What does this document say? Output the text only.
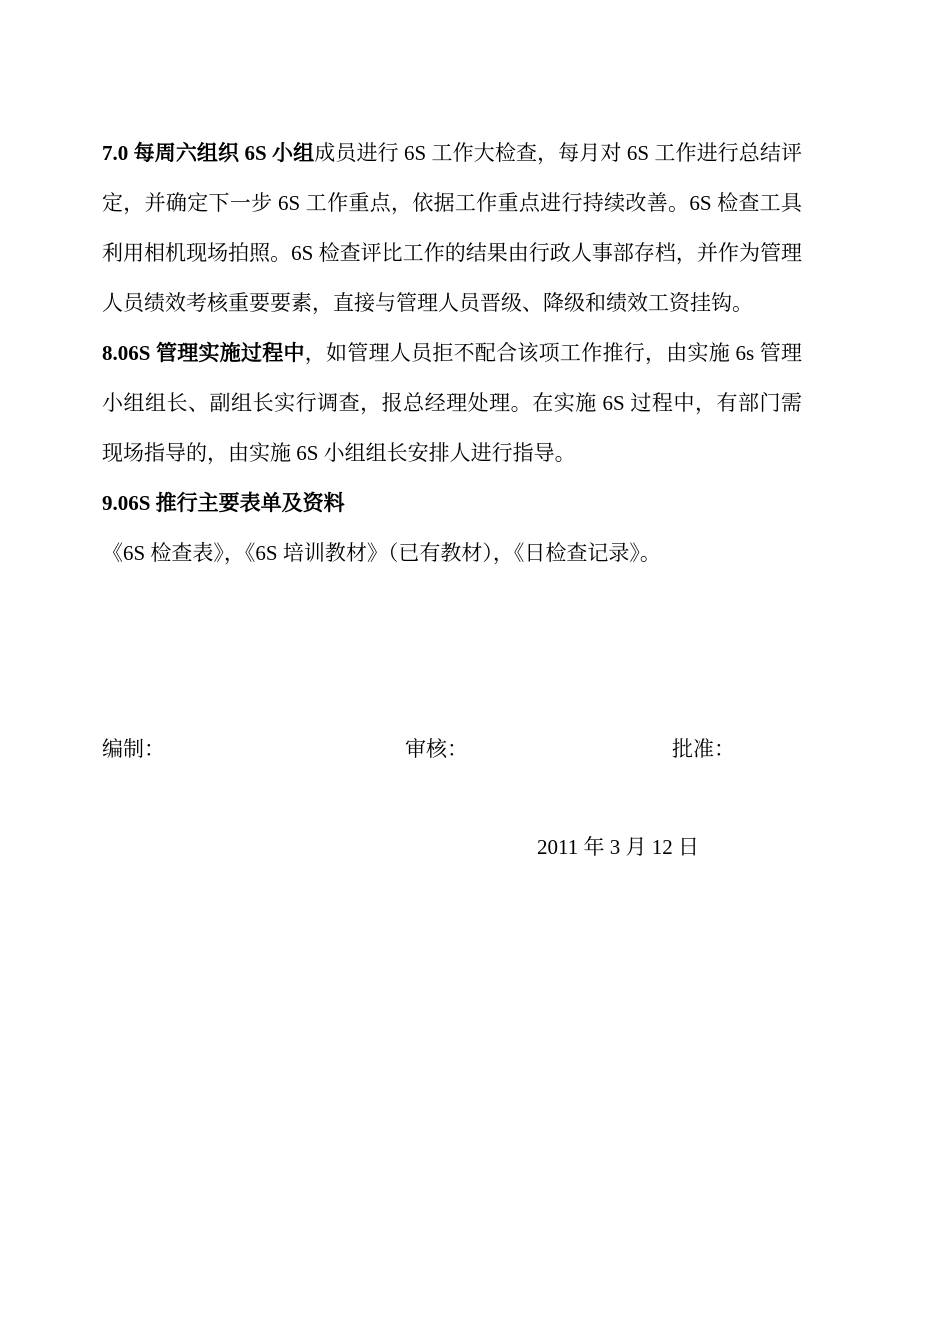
7.0 每周六组织 6S 小组成员进行 6S 工作大检查，每月对 6S 工作进行总结评定，并确定下一步 6S 工作重点，依据工作重点进行持续改善。6S 检查工具利用相机现场拍照。6S 检查评比工作的结果由行政人事部存档，并作为管理人员绩效考核重要要素，直接与管理人员晋级、降级和绩效工资挂钩。

8.06S 管理实施过程中，如管理人员拒不配合该项工作推行，由实施 6s 管理小组组长、副组长实行调查，报总经理处理。在实施 6S 过程中，有部门需现场指导的，由实施 6S 小组组长安排人进行指导。

9.06S 推行主要表单及资料

《6S 检查表》，《6S 培训教材》（已有教材），《日检查记录》。

编制：	审核：	批准：
2011 年 3 月 12 日
